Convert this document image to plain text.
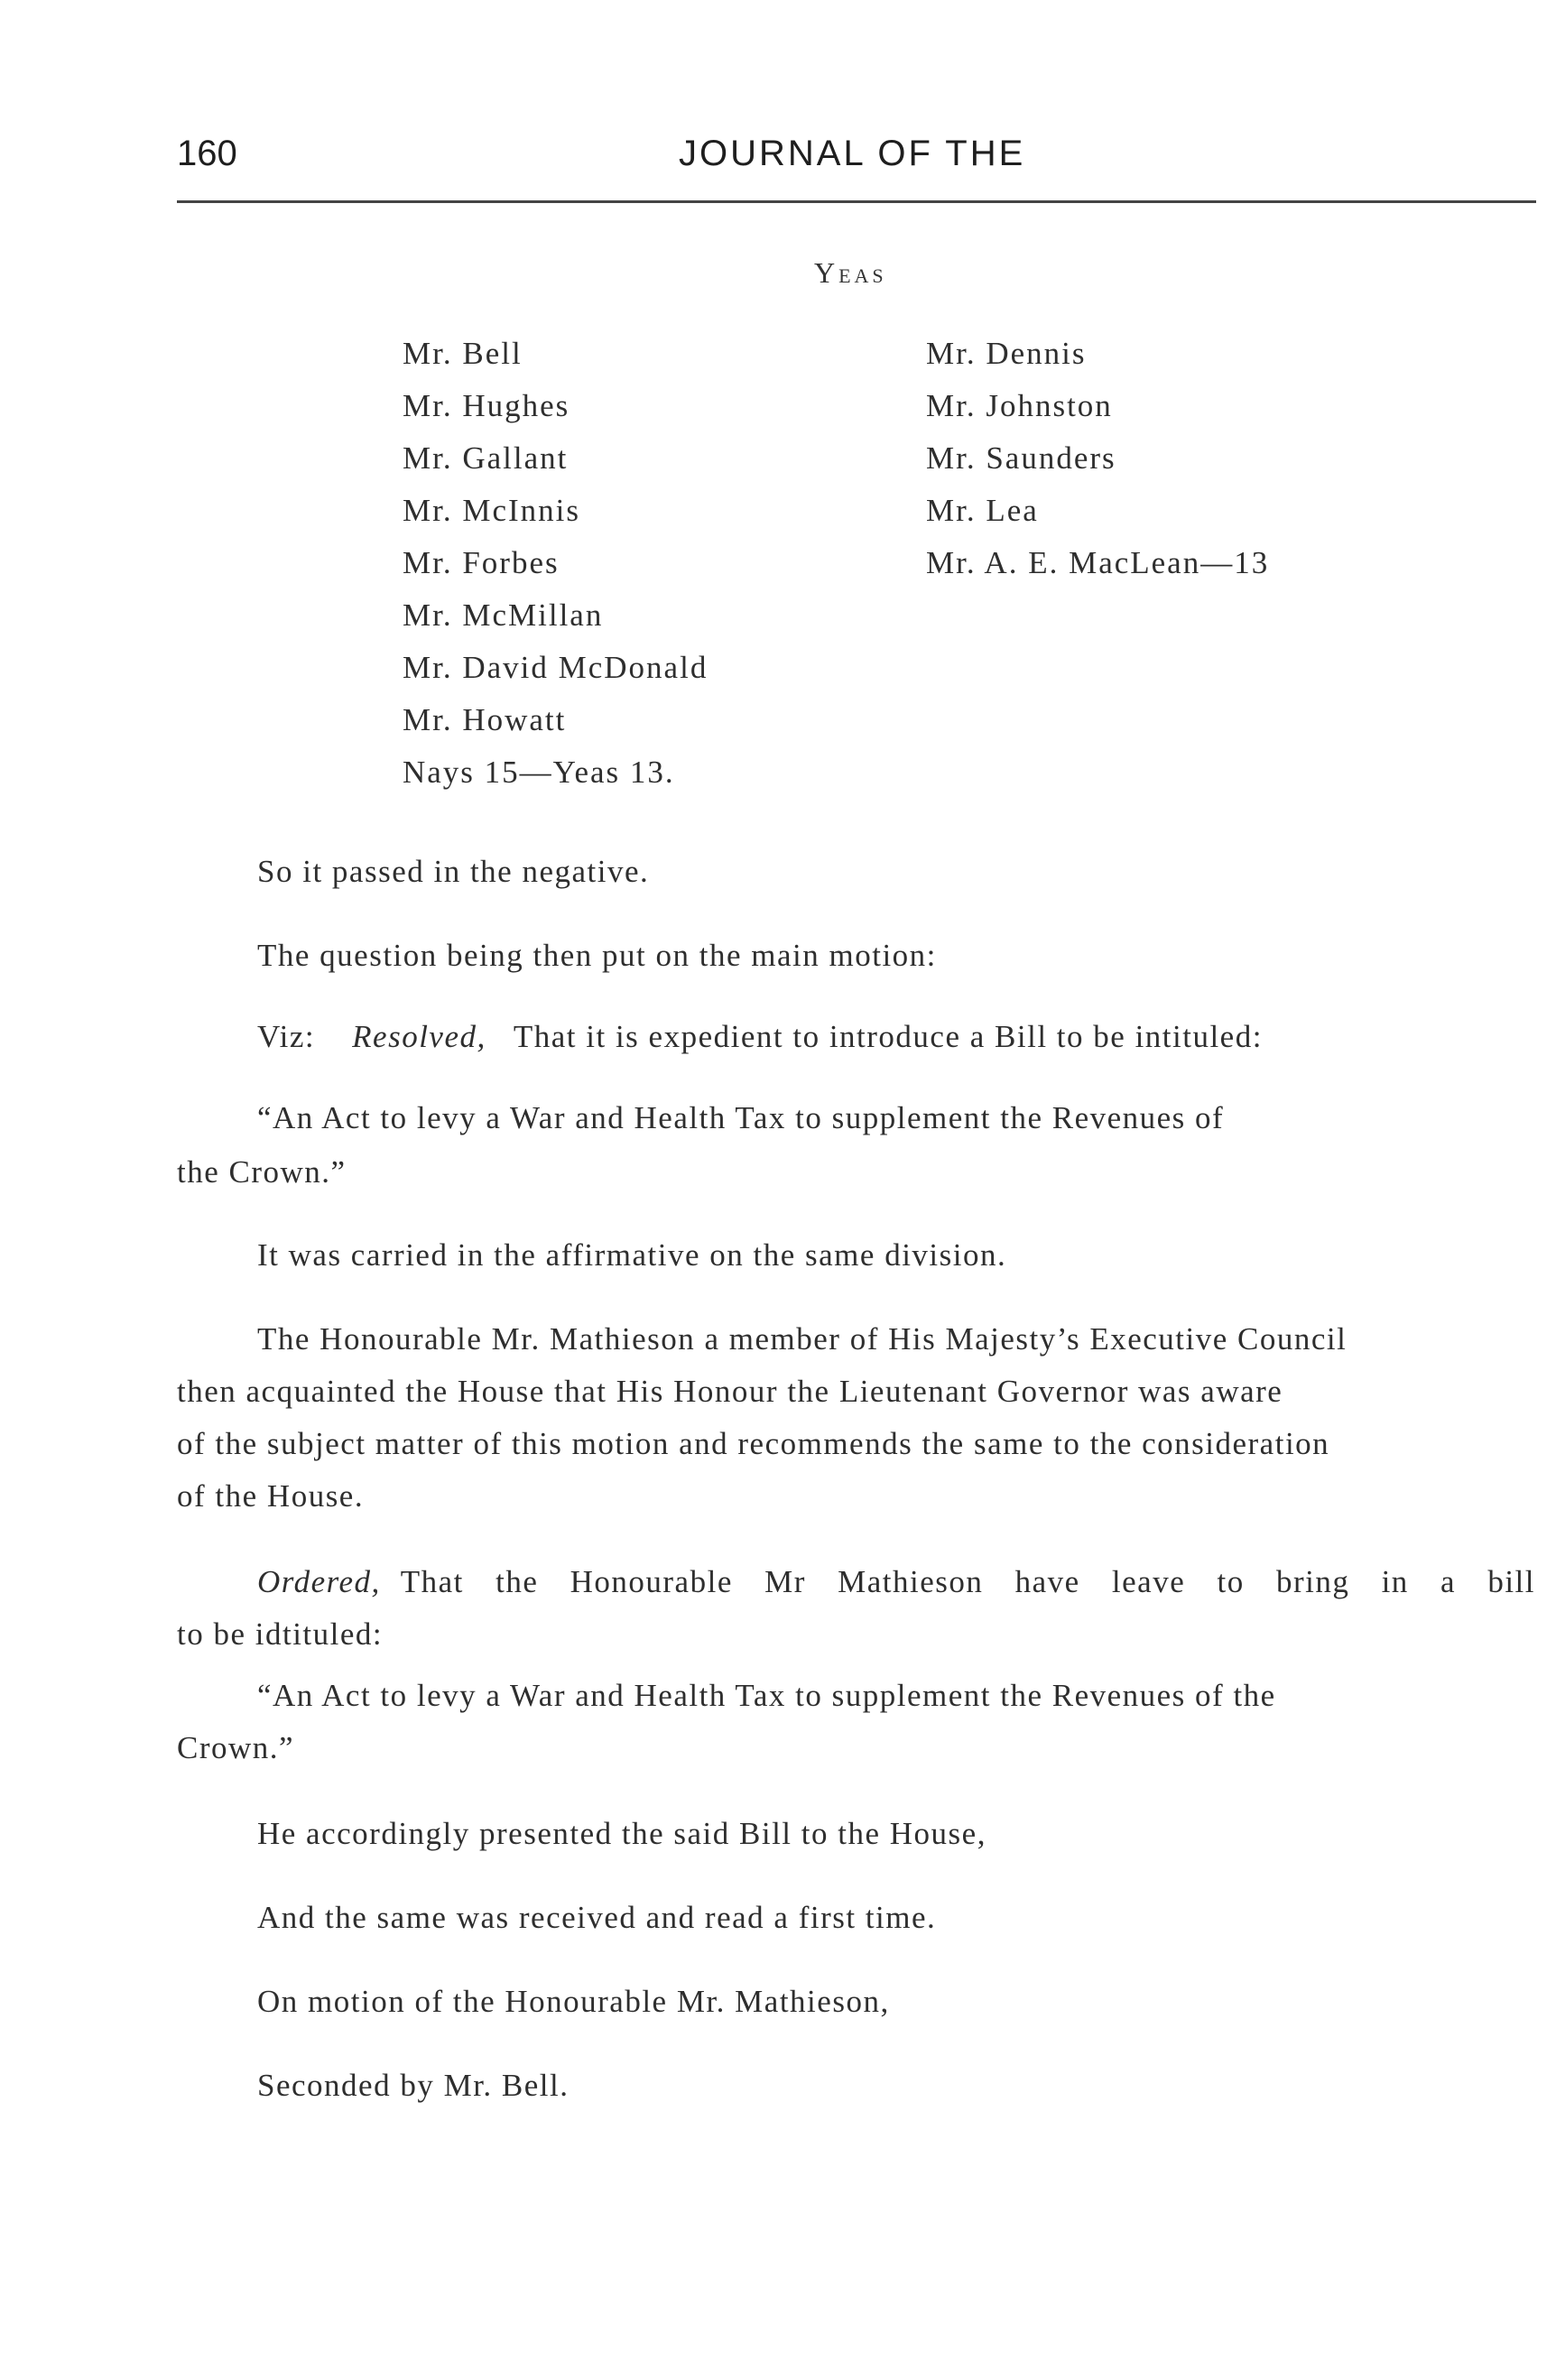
160	JOURNAL OF THE
Yeas
Mr. Bell
Mr. Hughes
Mr. Gallant
Mr. McInnis
Mr. Forbes
Mr. McMillan
Mr. David McDonald
Mr. Howatt
Nays 15—Yeas 13.
Mr. Dennis
Mr. Johnston
Mr. Saunders
Mr. Lea
Mr. A. E. MacLean—13
So it passed in the negative.
The question being then put on the main motion:
Viz: Resolved, That it is expedient to introduce a Bill to be intituled:
“An Act to levy a War and Health Tax to supplement the Revenues of
the Crown.”
It was carried in the affirmative on the same division.
The Honourable Mr. Mathieson a member of His Majesty’s Executive Council
then acquainted the House that His Honour the Lieutenant Governor was aware
of the subject matter of this motion and recommends the same to the consideration
of the House.
Ordered, That the Honourable Mr Mathieson have leave to bring in a bill
to be idtituled:
“An Act to levy a War and Health Tax to supplement the Revenues of the
Crown.”
He accordingly presented the said Bill to the House,
And the same was received and read a first time.
On motion of the Honourable Mr. Mathieson,
Seconded by Mr. Bell.
